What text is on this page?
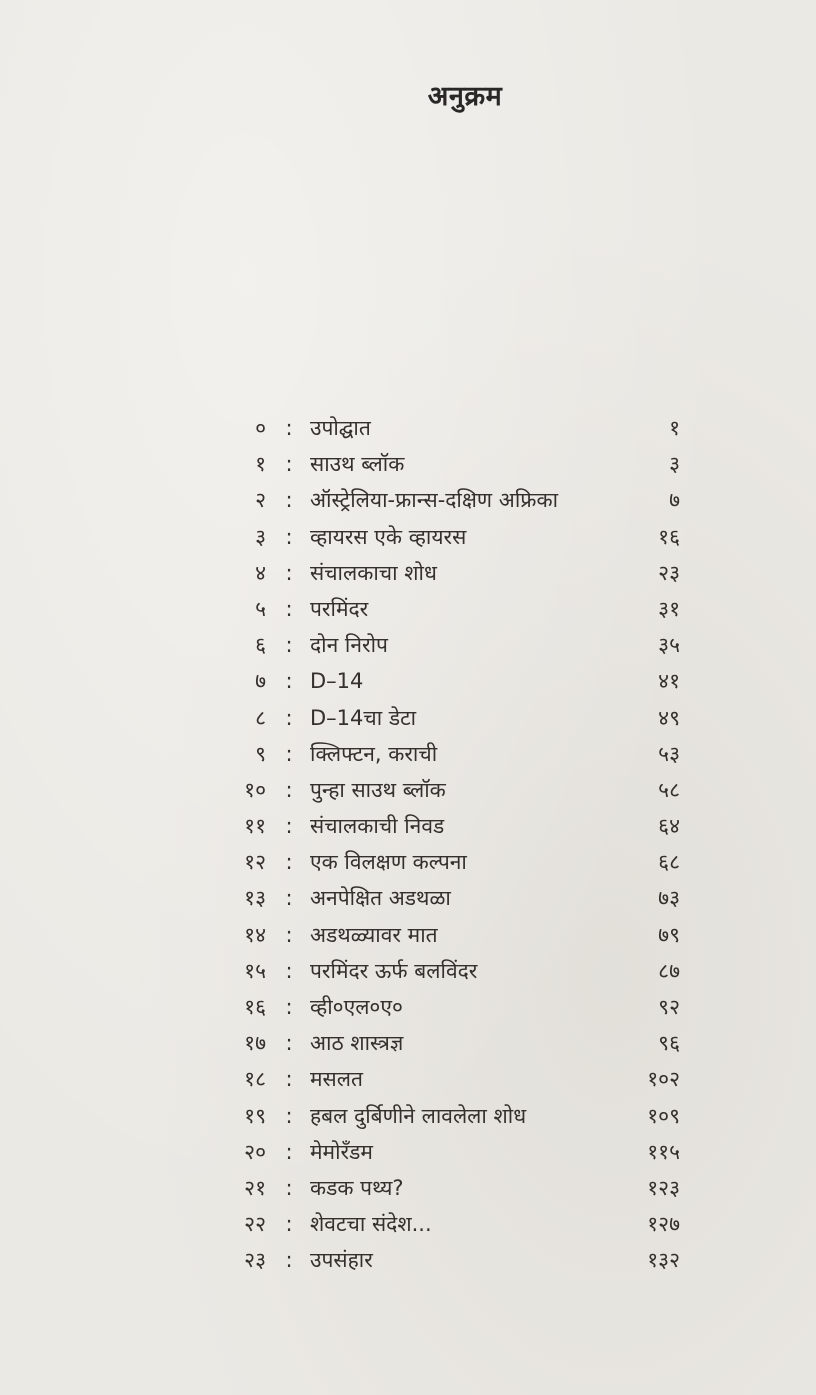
अनुक्रम
० : उपोद्घात	१
१ : साउथ ब्लॉक	३
२ : ऑस्ट्रेलिया-फ्रान्स-दक्षिण अफ्रिका	७
३ : व्हायरस एके व्हायरस	१६
४ : संचालकाचा शोध	२३
५ : परमिंदर	३१
६ : दोन निरोप	३५
७ : D–14	४१
८ : D–14चा डेटा	४९
९ : क्लिफ्टन, कराची	५३
१० : पुन्हा साउथ ब्लॉक	५८
११ : संचालकाची निवड	६४
१२ : एक विलक्षण कल्पना	६८
१३ : अनपेक्षित अडथळा	७३
१४ : अडथळ्यावर मात	७९
१५ : परमिंदर ऊर्फ बलविंदर	८७
१६ : व्ही०एल०ए०	९२
१७ : आठ शास्त्रज्ञ	९६
१८ : मसलत	१०२
१९ : हबल दुर्बिणीने लावलेला शोध	१०९
२० : मेमोरँडम	११५
२१ : कडक पथ्य?	१२३
२२ : शेवटचा संदेश...	१२७
२३ : उपसंहार	१३२
